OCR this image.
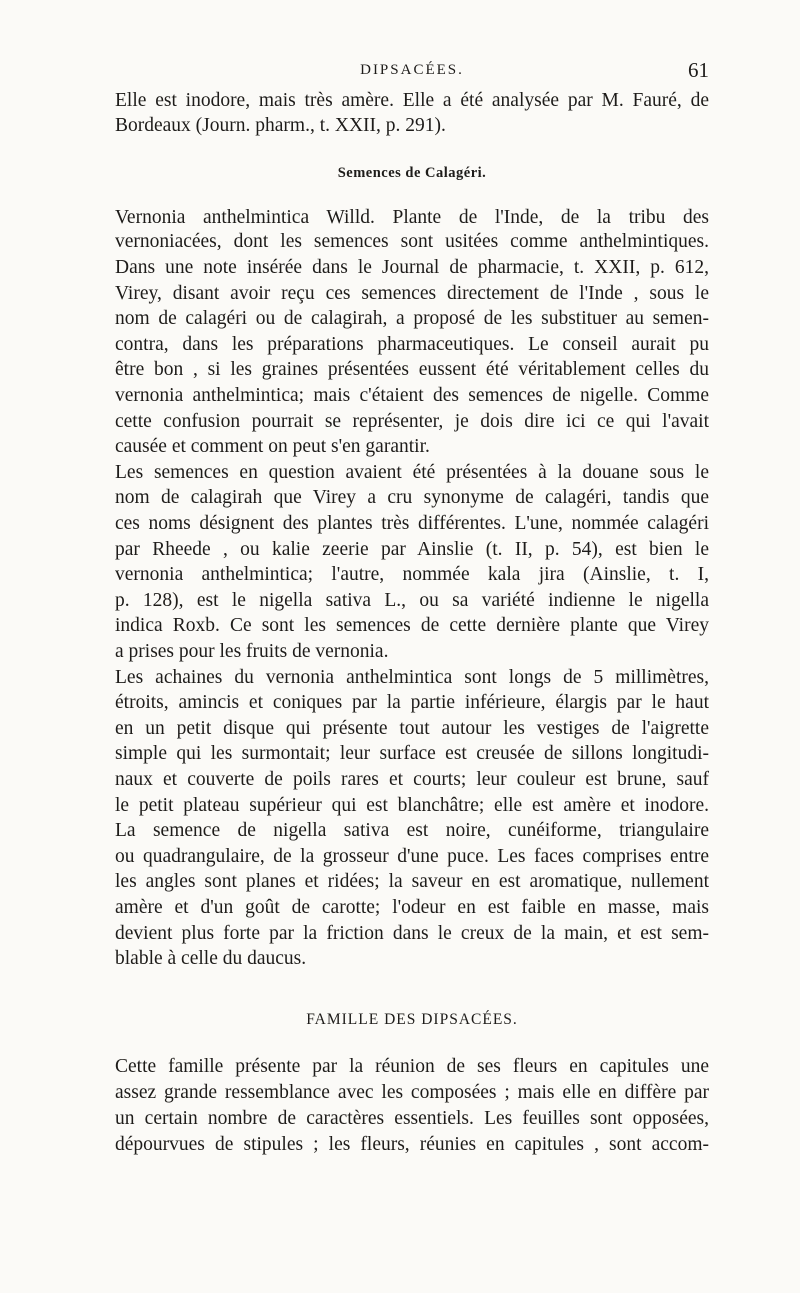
DIPSACÉES.	61
Elle est inodore, mais très amère. Elle a été analysée par M. Fauré, de
Bordeaux (Journ. pharm., t. XXII, p. 291).
Semences de Calagéri.
Vernonia anthelmintica Willd. Plante de l'Inde, de la tribu des
vernoniacées, dont les semences sont usitées comme anthelmintiques.
Dans une note insérée dans le Journal de pharmacie, t. XXII, p. 612,
Virey, disant avoir reçu ces semences directement de l'Inde , sous le
nom de calagéri ou de calagirah, a proposé de les substituer au semen-
contra, dans les préparations pharmaceutiques. Le conseil aurait pu
être bon , si les graines présentées eussent été véritablement celles du
vernonia anthelmintica; mais c'étaient des semences de nigelle. Comme
cette confusion pourrait se représenter, je dois dire ici ce qui l'avait
causée et comment on peut s'en garantir.
Les semences en question avaient été présentées à la douane sous le
nom de calagirah que Virey a cru synonyme de calagéri, tandis que
ces noms désignent des plantes très différentes. L'une, nommée calagéri
par Rheede , ou kalie zeerie par Ainslie (t. II, p. 54), est bien le
vernonia anthelmintica; l'autre, nommée kala jira (Ainslie, t. I,
p. 128), est le nigella sativa L., ou sa variété indienne le nigella
indica Roxb. Ce sont les semences de cette dernière plante que Virey
a prises pour les fruits de vernonia.
Les achaines du vernonia anthelmintica sont longs de 5 millimètres,
étroits, amincis et coniques par la partie inférieure, élargis par le haut
en un petit disque qui présente tout autour les vestiges de l'aigrette
simple qui les surmontait; leur surface est creusée de sillons longitudi-
naux et couverte de poils rares et courts; leur couleur est brune, sauf
le petit plateau supérieur qui est blanchâtre; elle est amère et inodore.
La semence de nigella sativa est noire, cunéiforme, triangulaire
ou quadrangulaire, de la grosseur d'une puce. Les faces comprises entre
les angles sont planes et ridées; la saveur en est aromatique, nullement
amère et d'un goût de carotte; l'odeur en est faible en masse, mais
devient plus forte par la friction dans le creux de la main, et est sem-
blable à celle du daucus.
FAMILLE DES DIPSACÉES.
Cette famille présente par la réunion de ses fleurs en capitules une
assez grande ressemblance avec les composées ; mais elle en diffère par
un certain nombre de caractères essentiels. Les feuilles sont opposées,
dépourvues de stipules ; les fleurs, réunies en capitules , sont accom-
